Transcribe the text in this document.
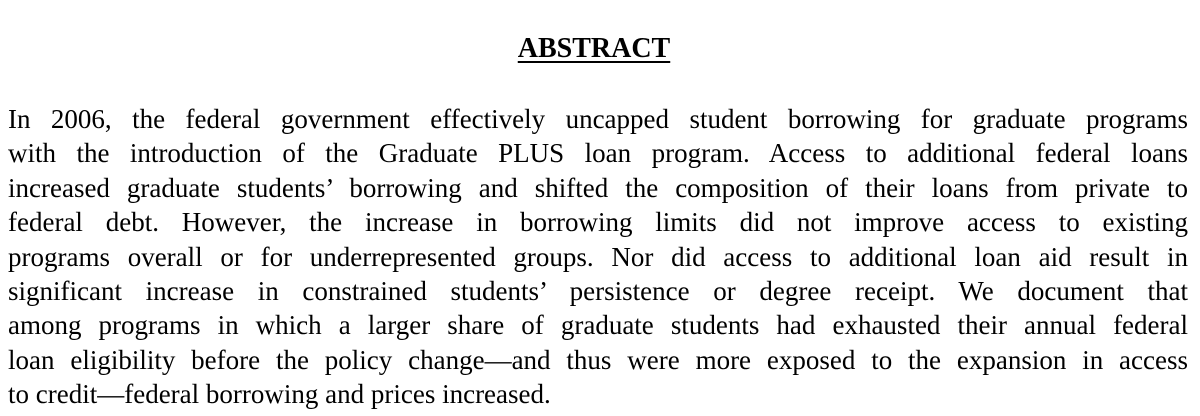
ABSTRACT
In 2006, the federal government effectively uncapped student borrowing for graduate programs
with the introduction of the Graduate PLUS loan program. Access to additional federal loans
increased graduate students’ borrowing and shifted the composition of their loans from private to
federal debt. However, the increase in borrowing limits did not improve access to existing
programs overall or for underrepresented groups. Nor did access to additional loan aid result in
significant increase in constrained students’ persistence or degree receipt. We document that
among programs in which a larger share of graduate students had exhausted their annual federal
loan eligibility before the policy change—and thus were more exposed to the expansion in access
to credit—federal borrowing and prices increased.
